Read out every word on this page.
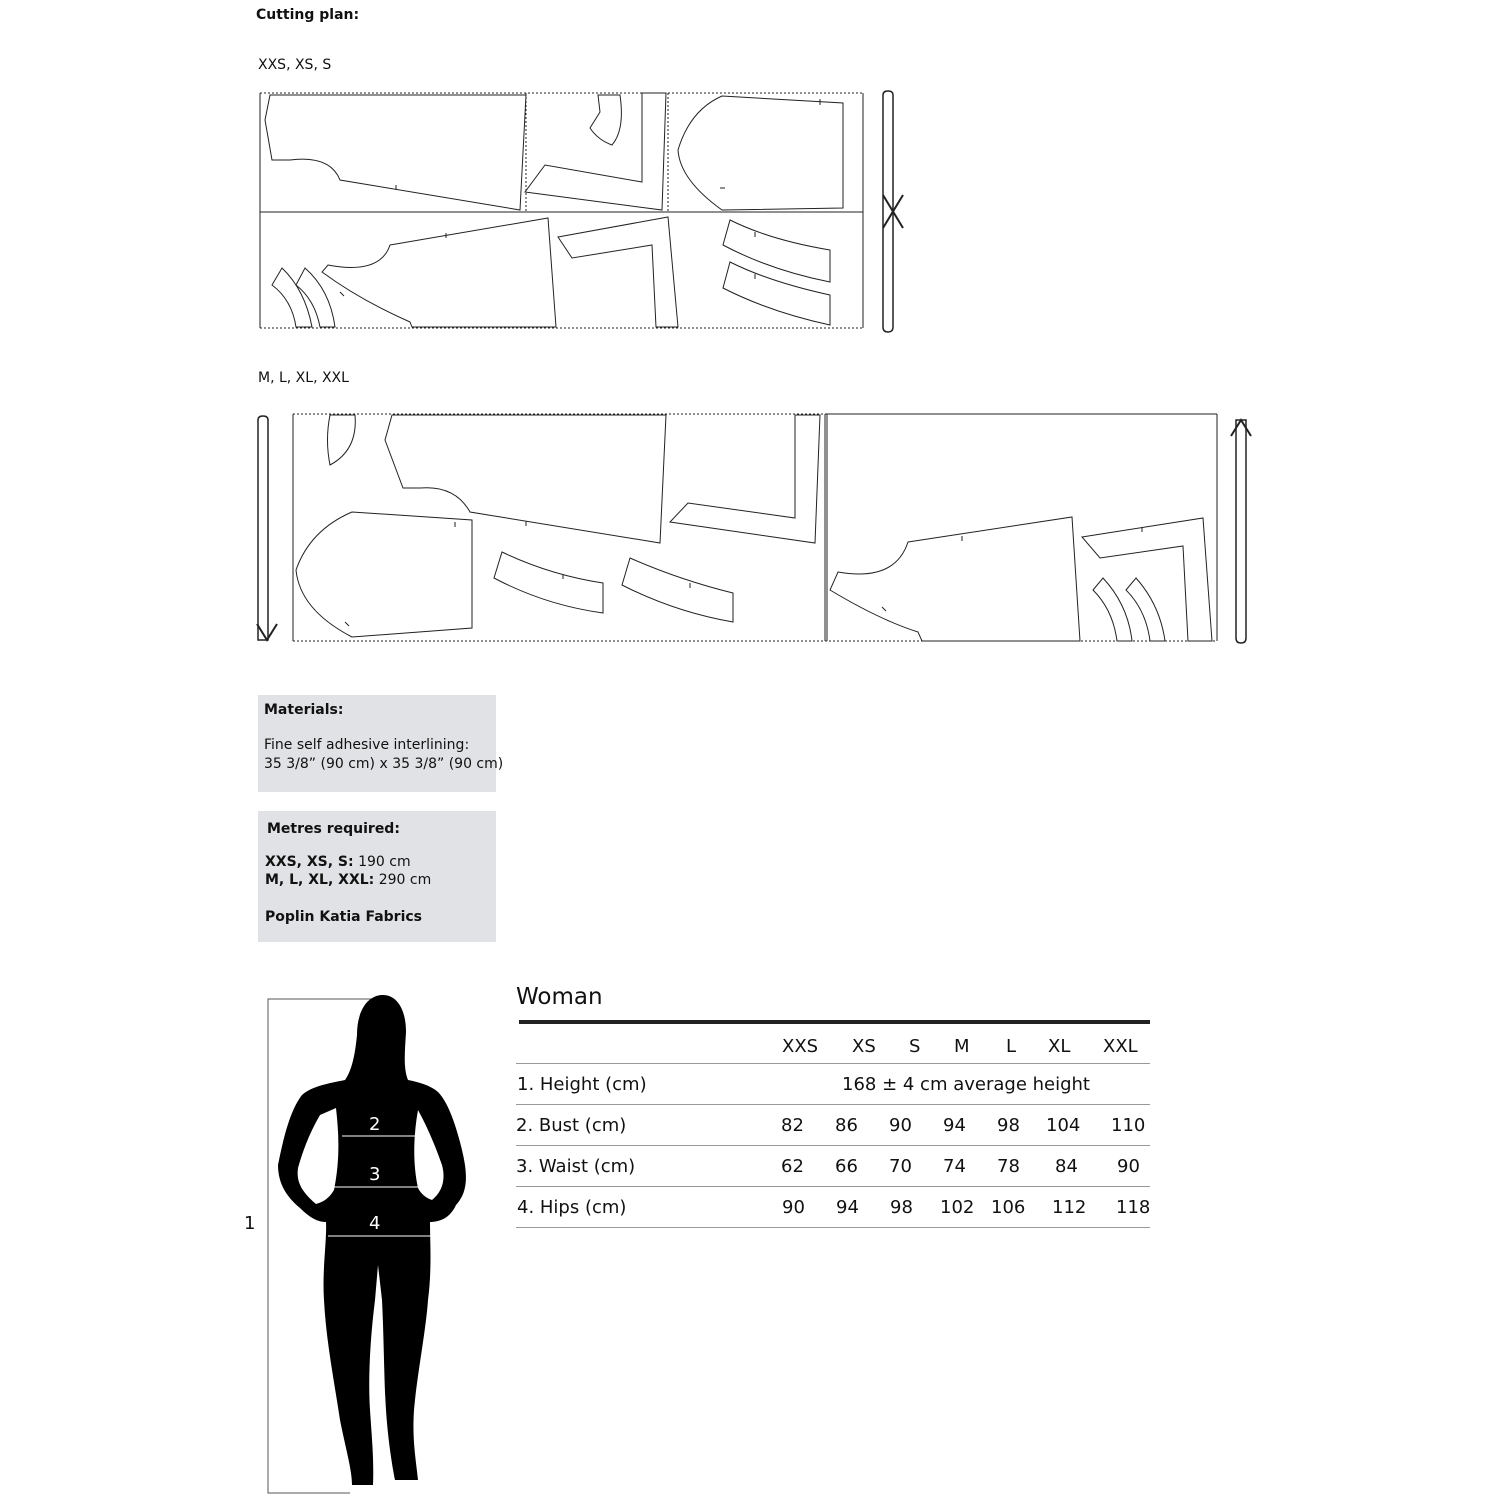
Cutting plan:
XXS, XS, S
M, L, XL, XXL
Materials:
Fine self adhesive interlining:
35 3/8” (90 cm) x 35 3/8” (90 cm)
Metres required:
XXS, XS, S: 190 cm
M, L, XL, XXL: 290 cm
Poplin Katia Fabrics
1
2
3
4
Woman
XXS XS S M L XL XXL
1. Height (cm)	168 ± 4 cm average height
2. Bust (cm)	82 86 90 94 98 104 110
3. Waist (cm)	62 66 70 74 78 84 90
4. Hips (cm)	90 94 98 102 106 112 118
